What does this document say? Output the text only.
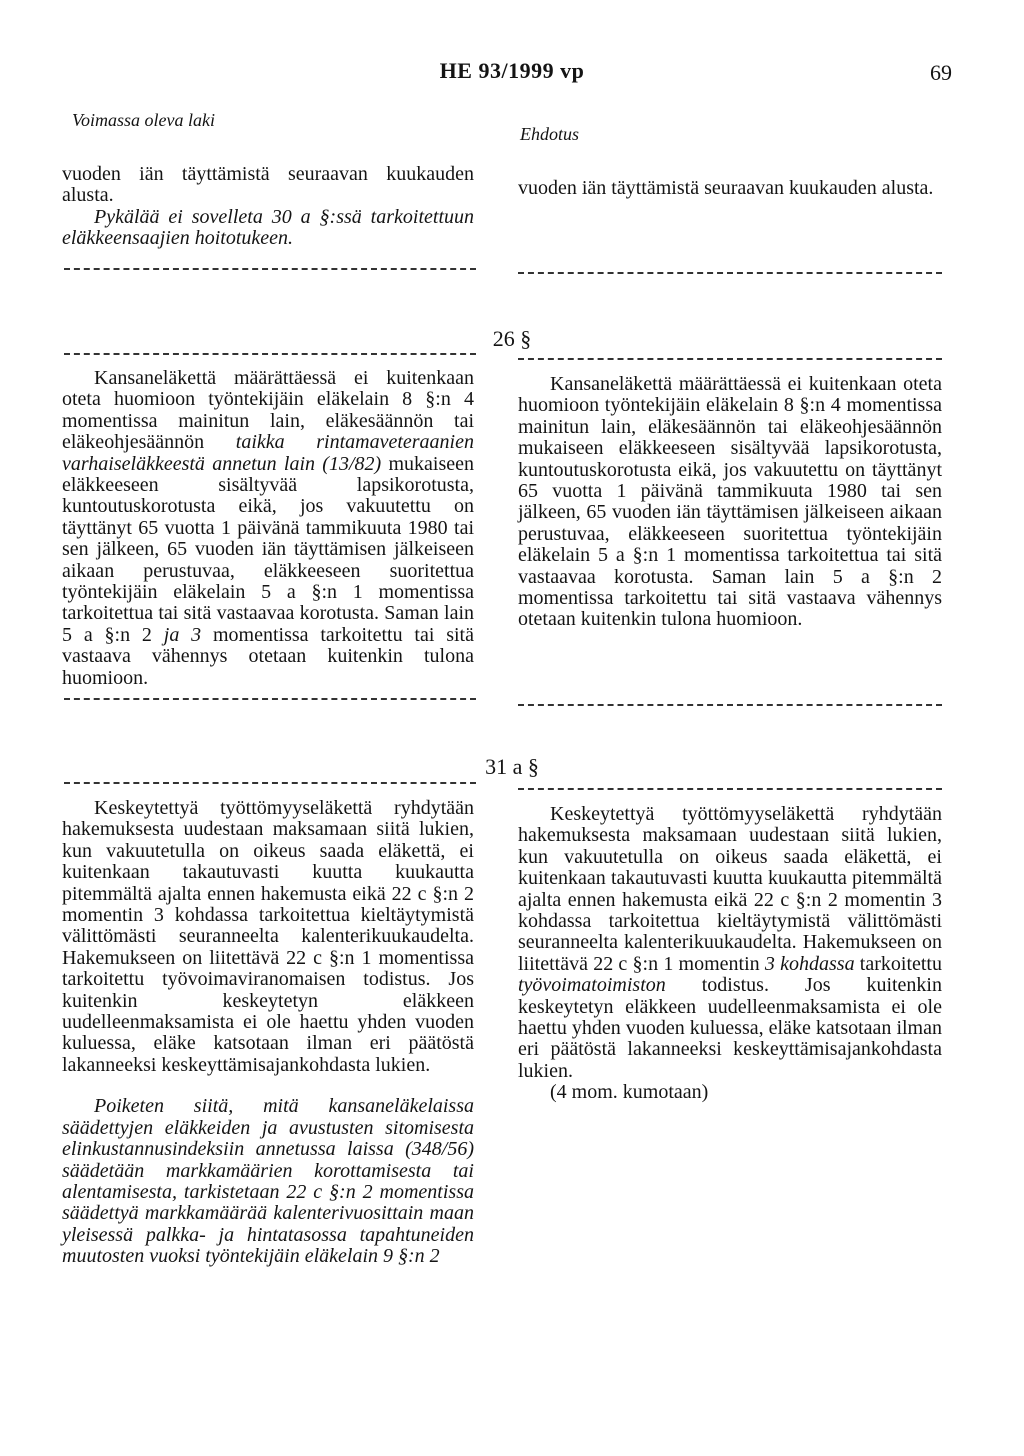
HE 93/1999 vp	69
Voimassa oleva laki
Ehdotus

vuoden iän täyttämistä seuraavan kuukauden alusta.

Pykälää ei sovelleta 30 a §:ssä tarkoitettuun eläkkeensaajien hoitotukeen.

vuoden iän täyttämistä seuraavan kuukauden alusta.

26 §

Kansaneläkettä määrättäessä ei kuitenkaan oteta huomioon työntekijäin eläkelain 8 §:n 4 momentissa mainitun lain, eläkesäännön tai eläkeohjesäännön taikka rintamaveteraanien varhaiseläkkeestä annetun lain (13/82) mukaiseen eläkkeeseen sisältyvää lapsikorotusta, kuntoutuskorotusta eikä, jos vakuutettu on täyttänyt 65 vuotta 1 päivänä tammikuuta 1980 tai sen jälkeen, 65 vuoden iän täyttämisen jälkeiseen aikaan perustuvaa, eläkkeeseen suoritettua työntekijäin eläkelain 5 a §:n 1 momentissa tarkoitettua tai sitä vastaavaa korotusta. Saman lain 5 a §:n 2 ja 3 momentissa tarkoitettu tai sitä vastaava vähennys otetaan kuitenkin tulona huomioon.

Kansaneläkettä määrättäessä ei kuitenkaan oteta huomioon työntekijäin eläkelain 8 §:n 4 momentissa mainitun lain, eläkesäännön tai eläkeohjesäännön mukaiseen eläkkeeseen sisältyvää lapsikorotusta, kuntoutuskorotusta eikä, jos vakuutettu on täyttänyt 65 vuotta 1 päivänä tammikuuta 1980 tai sen jälkeen, 65 vuoden iän täyttämisen jälkeiseen aikaan perustuvaa, eläkkeeseen suoritettua työntekijäin eläkelain 5 a §:n 1 momentissa tarkoitettua tai sitä vastaavaa korotusta. Saman lain 5 a §:n 2 momentissa tarkoitettu tai sitä vastaava vähennys otetaan kuitenkin tulona huomioon.

31 a §

Keskeytettyä työttömyyseläkettä ryhdytään hakemuksesta uudestaan maksamaan siitä lukien, kun vakuutetulla on oikeus saada eläkettä, ei kuitenkaan takautuvasti kuutta kuukautta pitemmältä ajalta ennen hakemusta eikä 22 c §:n 2 momentin 3 kohdassa tarkoitettua kieltäytymistä välittömästi seuranneelta kalenterikuukaudelta. Hakemukseen on liitettävä 22 c §:n 1 momentissa tarkoitettu työvoimaviranomaisen todistus. Jos kuitenkin keskeytetyn eläkkeen uudelleenmaksamista ei ole haettu yhden vuoden kuluessa, eläke katsotaan ilman eri päätöstä lakanneeksi keskeyttämisajankohdasta lukien.

Poiketen siitä, mitä kansaneläkelaissa säädettyjen eläkkeiden ja avustusten sitomisesta elinkustannusindeksiin annetussa laissa (348/56) säädetään markkamäärien korottamisesta tai alentamisesta, tarkistetaan 22 c §:n 2 momentissa säädettyä markkamäärää kalenterivuosittain maan yleisessä palkka- ja hintatasossa tapahtuneiden muutosten vuoksi työntekijäin eläkelain 9 §:n 2

Keskeytettyä työttömyyseläkettä ryhdytään hakemuksesta maksamaan uudestaan siitä lukien, kun vakuutetulla on oikeus saada eläkettä, ei kuitenkaan takautuvasti kuutta kuukautta pitemmältä ajalta ennen hakemusta eikä 22 c §:n 2 momentin 3 kohdassa tarkoitettua kieltäytymistä välittömästi seuranneelta kalenterikuukaudelta. Hakemukseen on liitettävä 22 c §:n 1 momentin 3 kohdassa tarkoitettu työvoimatoimiston todistus. Jos kuitenkin keskeytetyn eläkkeen uudelleenmaksamista ei ole haettu yhden vuoden kuluessa, eläke katsotaan ilman eri päätöstä lakanneeksi keskeyttämisajankohdasta lukien.

(4 mom. kumotaan)
